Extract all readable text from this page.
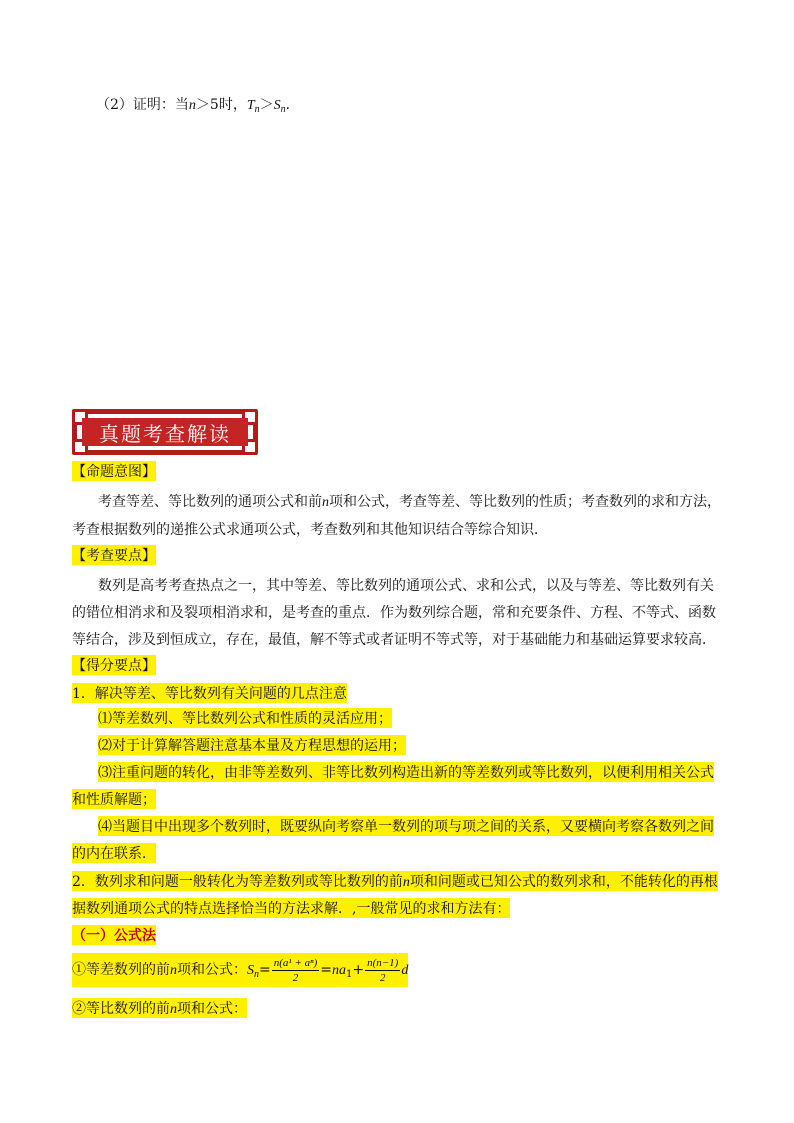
（2）证明：当n＞5时，$T_n>S_n$．
真题考查解读
【命题意图】
考查等差、等比数列的通项公式和前n项和公式，考查等差、等比数列的性质；考查数列的求和方法，
考查根据数列的递推公式求通项公式，考查数列和其他知识结合等综合知识．
【考查要点】
数列是高考考查热点之一，其中等差、等比数列的通项公式、求和公式，以及与等差、等比数列有关
的错位相消求和及裂项相消求和，是考查的重点．作为数列综合题，常和充要条件、方程、不等式、函数
等结合，涉及到恒成立，存在，最值，解不等式或者证明不等式等，对于基础能力和基础运算要求较高．
【得分要点】
1．解决等差、等比数列有关问题的几点注意
⑴等差数列、等比数列公式和性质的灵活应用；
⑵对于计算解答题注意基本量及方程思想的运用；
⑶注重问题的转化，由非等差数列、非等比数列构造出新的等差数列或等比数列，以便利用相关公式
和性质解题；
⑷当题目中出现多个数列时，既要纵向考察单一数列的项与项之间的关系，又要横向考察各数列之间
的内在联系．
2．数列求和问题一般转化为等差数列或等比数列的前n项和问题或已知公式的数列求和，不能转化的再根
据数列通项公式的特点选择恰当的方法求解．,一般常见的求和方法有：
（一）公式法
①等差数列的前n项和公式：$S_n= \frac{\text{n(a¹ + aⁿ)}}{2} =na_1+ \frac{n(n-1)}{2}$ d
②等比数列的前n项和公式：
